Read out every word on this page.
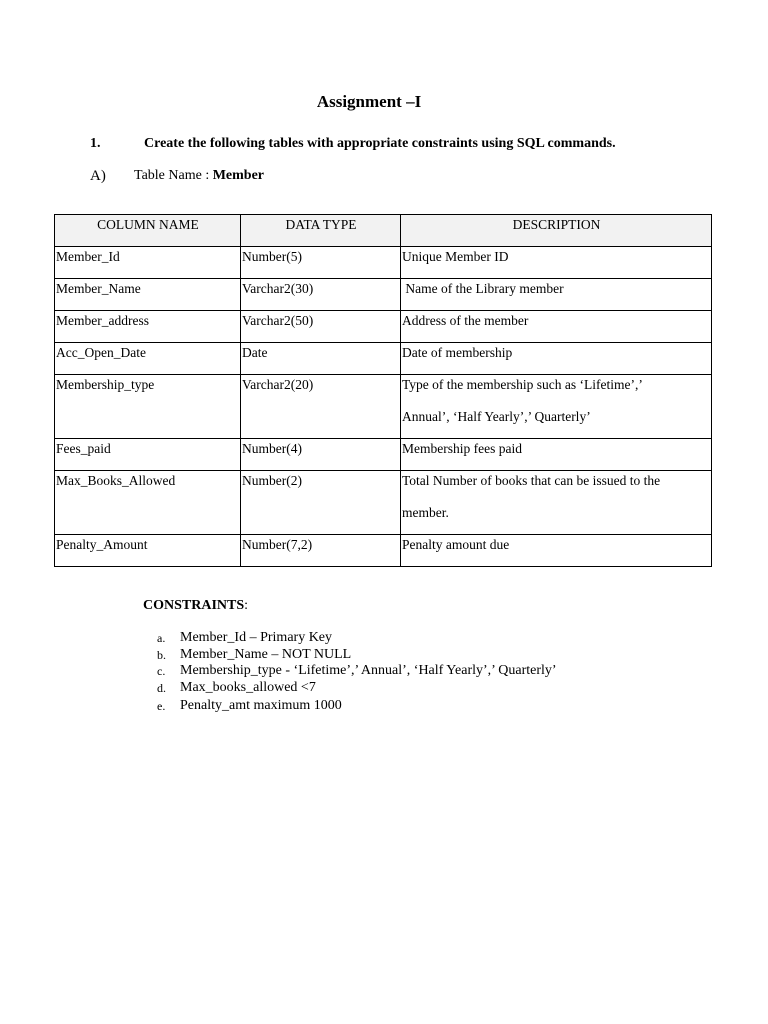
Assignment –I
1.	Create the following tables with appropriate constraints using SQL commands.
A) Table Name : Member
COLUMN NAME	DATA TYPE	DESCRIPTION
Member_Id	Number(5)	Unique Member ID
Member_Name	Varchar2(30)	Name of the Library member
Member_address	Varchar2(50)	Address of the member
Acc_Open_Date	Date	Date of membership
Membership_type	Varchar2(20)	Type of the membership such as ‘Lifetime’,’
Annual’, ‘Half Yearly’,’ Quarterly’

Fees_paid	Number(4)	Membership fees paid
Max_Books_Allowed	Number(2)	Total Number of books that can be issued to the
member.

Penalty_Amount	Number(7,2)	Penalty amount due
CONSTRAINTS:
a.	Member_Id – Primary Key
b.	Member_Name – NOT NULL
c.	Membership_type - ‘Lifetime’,’ Annual’, ‘Half Yearly’,’ Quarterly’
d.	Max_books_allowed <7
e.	Penalty_amt maximum 1000
